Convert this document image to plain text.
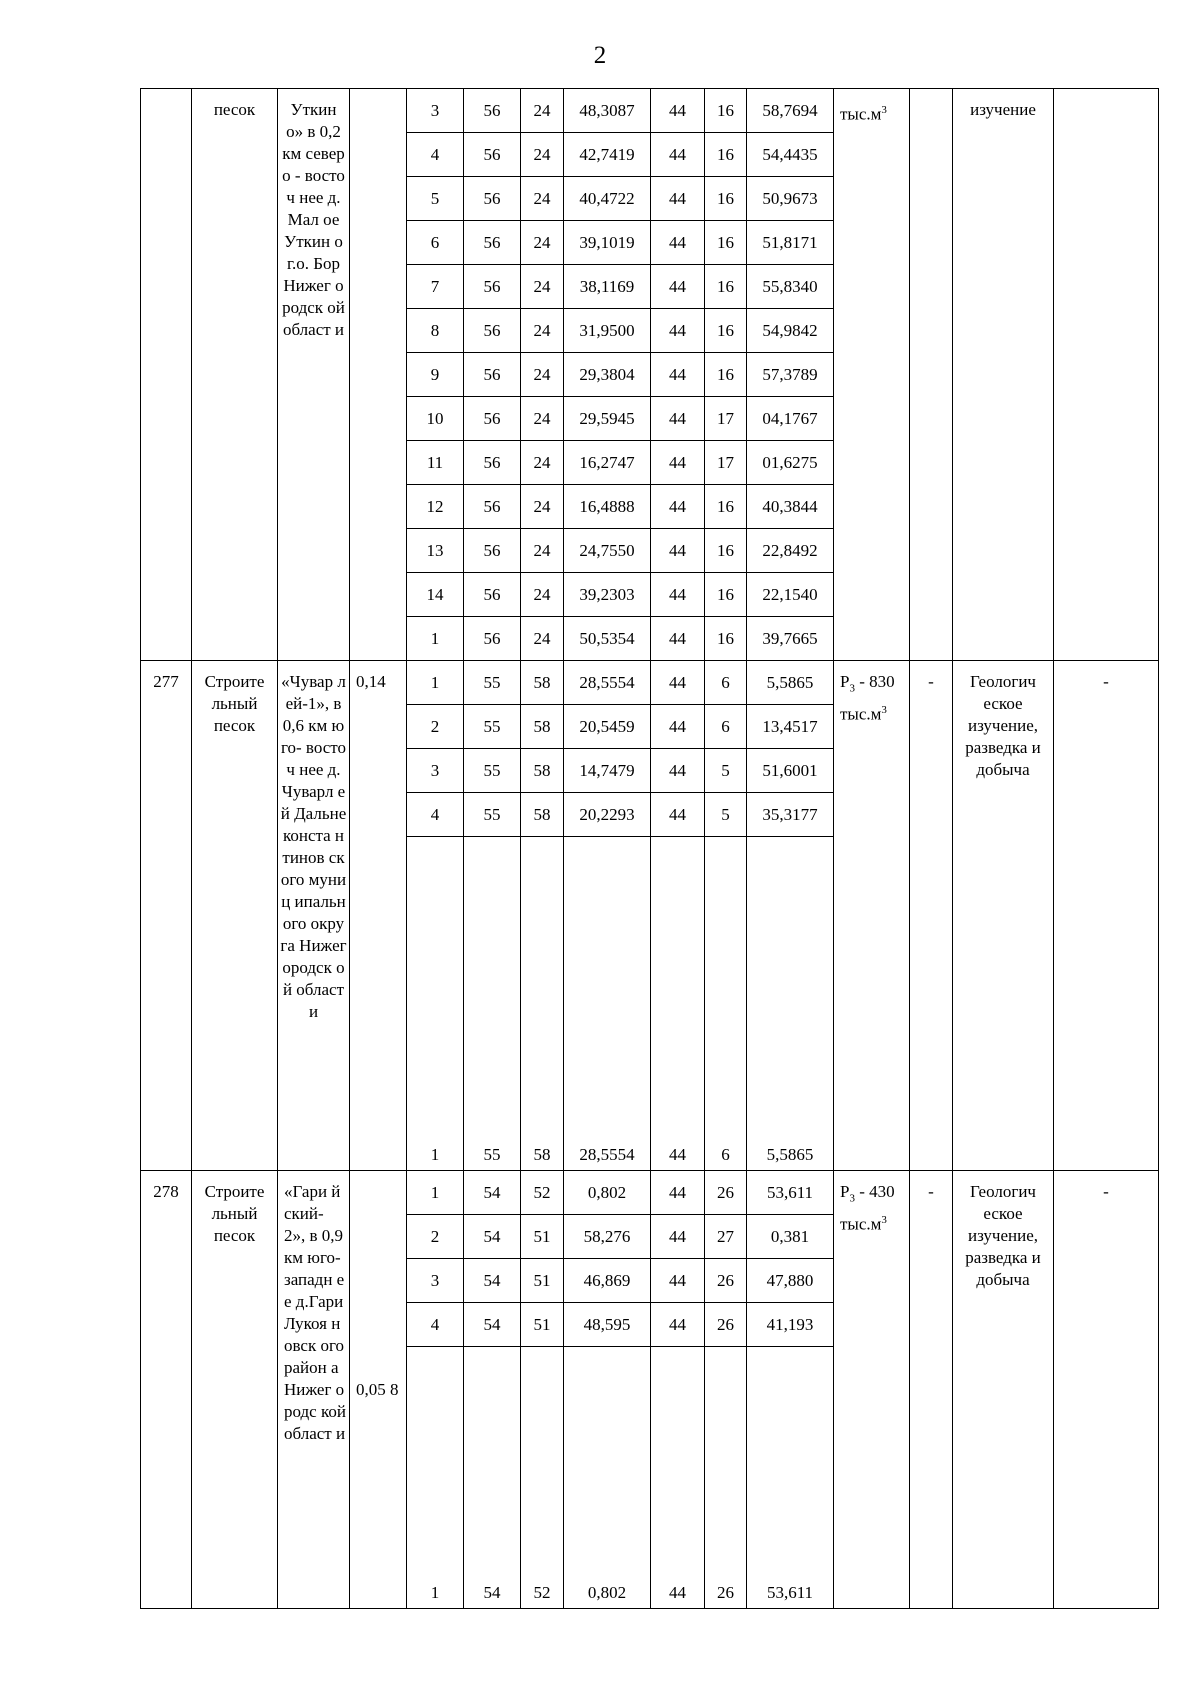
2
	песок	Уткин о» в 0,2 км северо - восточ нее д.Мал ое Уткин о г.о. Бор Нижег ородск ой област и		3	56	24	48,3087	44	16	58,7694	$тыс.м^3$		изучение	
				4	56	24	42,7419	44	16	54,4435				
				5	56	24	40,4722	44	16	50,9673				
				6	56	24	39,1019	44	16	51,8171				
				7	56	24	38,1169	44	16	55,8340				
				8	56	24	31,9500	44	16	54,9842				
				9	56	24	29,3804	44	16	57,3789				
				10	56	24	29,5945	44	17	04,1767				
				11	56	24	16,2747	44	17	01,6275				
				12	56	24	16,4888	44	16	40,3844				
				13	56	24	24,7550	44	16	22,8492				
				14	56	24	39,2303	44	16	22,1540				
				1	56	24	50,5354	44	16	39,7665				
277	Строите льный песок	«Чувар лей-1», в 0,6 км юго- восточ нее д. Чуварл ей Дальне конста нтинов ского муниц ипальн ого округа Нижег ородск ой област и	0,14	1	55	58	28,5554	44	6	5,5865	$P_3 - 830$ $тыс.м^3$	-	Геологич еское изучение, разведка и добыча	-
				2	55	58	20,5459	44	6	13,4517				
				3	55	58	14,7479	44	5	51,6001				
				4	55	58	20,2293	44	5	35,3177				
				1	55	58	28,5554	44	6	5,5865				
278	Строите льный песок	«Гари йский- 2», в 0,9 км юго- западн ее д.Гари Лукоя новск ого район а Нижег ородс кой област и	0,05 8	1	54	52	0,802	44	26	53,611	$P_3 - 430$ $тыс.м^3$	-	Геологич еское изучение, разведка и добыча	-
				2	54	51	58,276	44	27	0,381				
				3	54	51	46,869	44	26	47,880				
				4	54	51	48,595	44	26	41,193				
				1	54	52	0,802	44	26	53,611				
